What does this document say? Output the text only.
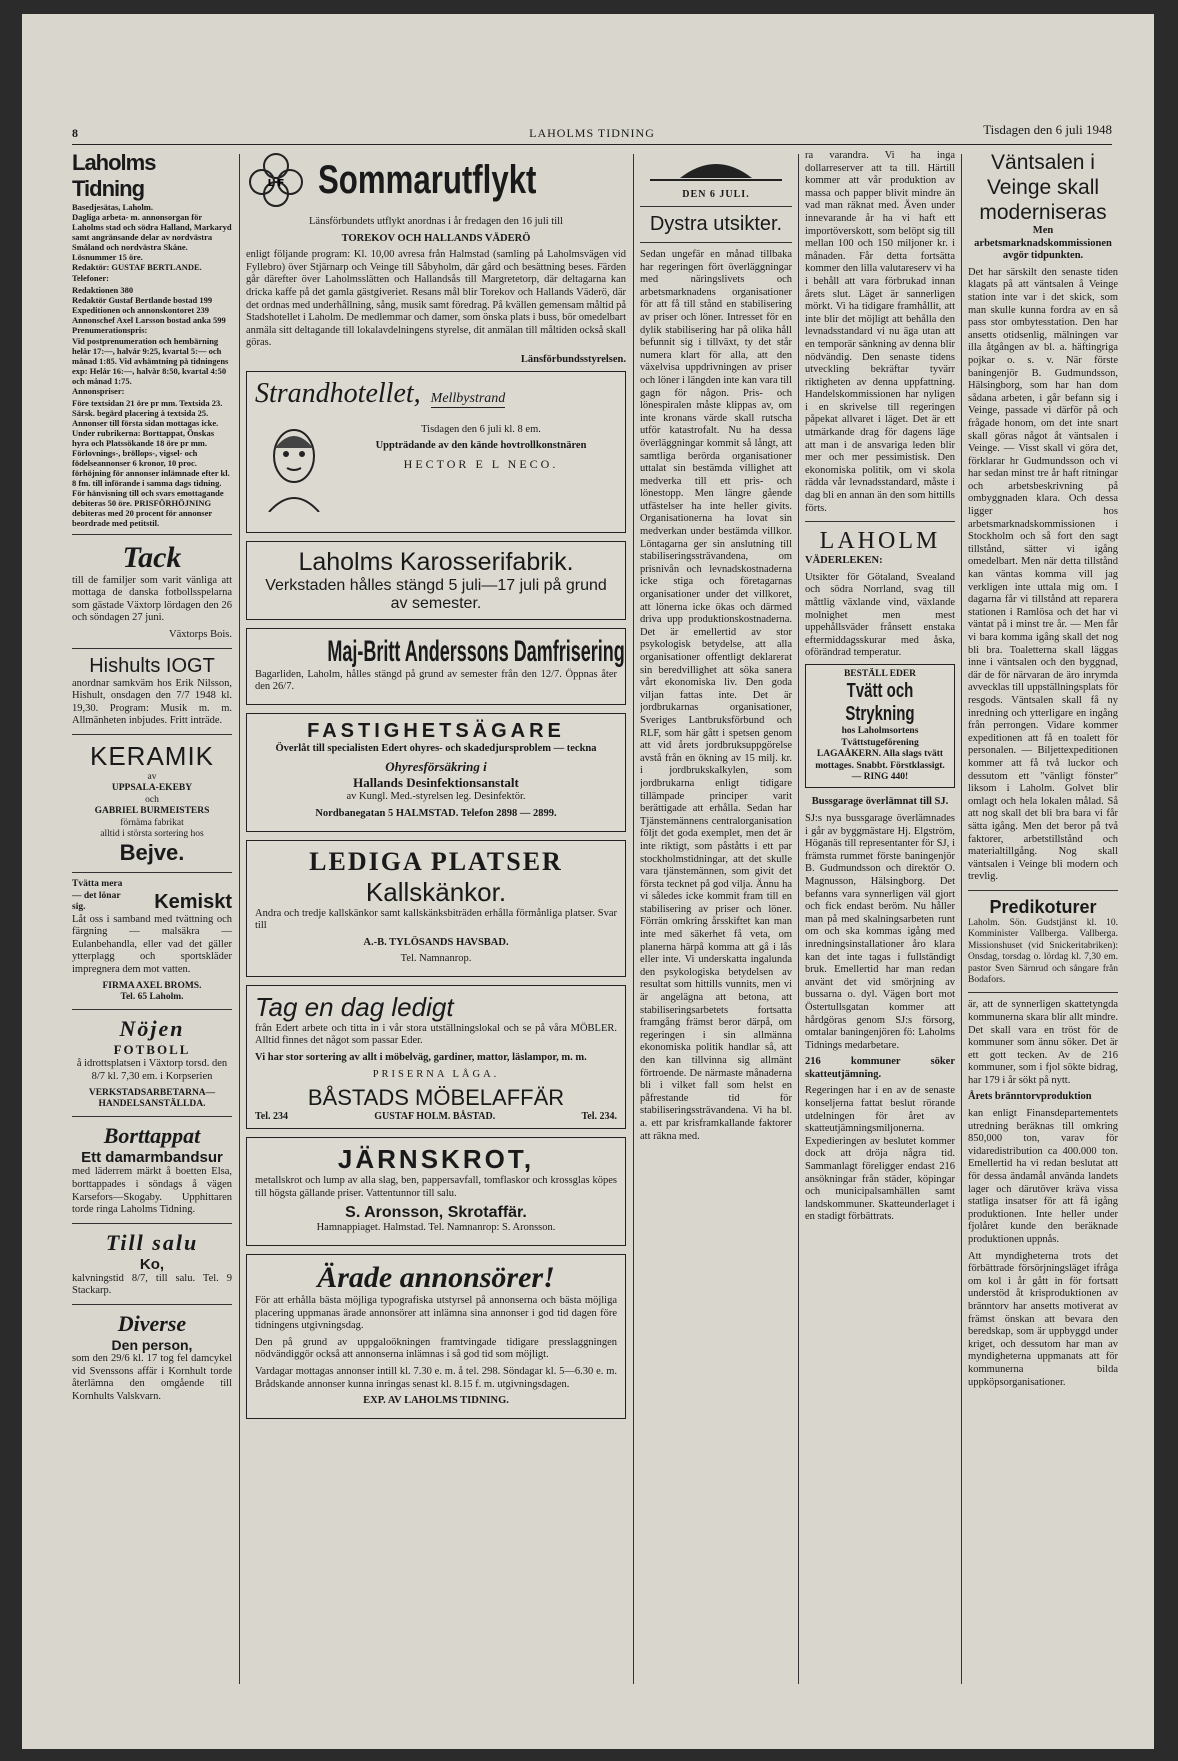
8	LAHOLMS TIDNING	Tisdagen den 6 juli 1948
Laholms Tidning
Basedjesätas, Laholm.
Dagliga arbeta- m. annonsorgan för Laholms stad och södra Halland, Markaryd samt angränsande delar av nordvästra Småland och nordvästra Skåne.
Lösnummer 15 öre.
Redaktör: GUSTAF BERTLANDE.
Telefoner:
Redaktionen 380
Redaktör Gustaf Bertlande bostad 199
Expeditionen och annonskontoret 239
Annonschef Axel Larsson bostad anka 599
Prenumerationspris:
Vid postprenumeration och hembärning helår 17:—, halvår 9:25, kvartal 5:— och månad 1:85. Vid avhämtning på tidningens exp: Helår 16:—, halvår 8:50, kvartal 4:50 och månad 1:75.
Annonspriser:
Före textsidan 21 öre pr mm. Textsida 23. Särsk. begärd placering å textsida 25. Annonser till första sidan mottagas icke. Under rubrikerna: Borttappat, Önskas hyra och Platssökande 18 öre pr mm. Förlovnings-, bröllops-, vigsel- och födelseannonser 6 kronor, 10 proc. förhöjning för annonser inlämnade efter kl. 8 fm. till införande i samma dags tidning. För hänvisning till och svars emottagande debiteras 50 öre. PRISFÖRHÖJNING debiteras med 20 procent för annonser beordrade med petitstil.
Tack
till de familjer som varit vänliga att mottaga de danska fotbollsspelarna som gästade Växtorp lördagen den 26 och söndagen 27 juni.
Växtorps Bois.
Hishults IOGT
anordnar samkväm hos Erik Nilsson, Hishult, onsdagen den 7/7 1948 kl. 19,30. Program: Musik m. m. Allmänheten inbjudes. Fritt inträde.
KERAMIK
av
UPPSALA-EKEBY
och
GABRIEL BURMEISTERS
förnäma fabrikat
alltid i största sortering hos
Bejve.
Tvätta mera — det lönar sig.	Kemiskt
Låt oss i samband med tvättning och färgning — malsäkra — Eulanbehandla, eller vad det gäller ytterplagg och sportskläder impregnera dem mot vatten.
FIRMA AXEL BROMS.
Tel. 65 Laholm.
Nöjen
FOTBOLL
å idrottsplatsen i Växtorp torsd. den 8/7 kl. 7,30 em. i Korpserien
VERKSTADSARBETARNA— HANDELSANSTÄLLDA.
Borttappat
Ett damarmbandsur
med läderrem märkt å boetten Elsa, borttappades i söndags å vägen Karsefors—Skogaby. Upphittaren torde ringa Laholms Tidning.
Till salu
Ko,
kalvningstid 8/7, till salu. Tel. 9 Stackarp.
Diverse
Den person,
som den 29/6 kl. 17 tog fel damcykel vid Svenssons affär i Kornhult torde återlämna den omgående till Kornhults Valskvarn.
L F Sommarutflykt
Länsförbundets utflykt anordnas i år fredagen den 16 juli till
TOREKOV OCH HALLANDS VÄDERÖ
enligt följande program: Kl. 10,00 avresa från Halmstad (samling på Laholmsvägen vid Fyllebro) över Stjärnarp och Veinge till Såbyholm, där gård och besättning beses. Färden går därefter över Laholmsslätten och Hallandsås till Margretetorp, där deltagarna kan dricka kaffe på det gamla gästgiveriet. Resans mål blir Torekov och Hallands Väderö, där det ordnas med underhållning, sång, musik samt föredrag. På kvällen gemensam måltid på Stadshotellet i Laholm. De medlemmar och damer, som önska plats i buss, bör omedelbart anmäla sitt deltagande till lokalavdelningens styrelse, dit anmälan till måltiden också skall göras.
Länsförbundsstyrelsen.
Strandhotellet, Mellbystrand
Tisdagen den 6 juli kl. 8 em.
Uppträdande av den kände hovtrollkonstnären
HECTOR E L NECO.
Laholms Karosserifabrik.
Verkstaden hålles stängd 5 juli—17 juli på grund av semester.
Maj-Britt Anderssons Damfrisering
Bagarliden, Laholm, hålles stängd på grund av semester från den 12/7. Öppnas åter den 26/7.
FASTIGHETSÄGARE
Överlåt till specialisten Edert ohyres- och skadedjursproblem — tecknа
Ohyresförsäkring i
Hallands Desinfektionsanstalt
av Kungl. Med.-styrelsen leg. Desinfektör.
Nordbanegatan 5 HALMSTAD. Telefon 2898 — 2899.
LEDIGA PLATSER
Kallskänkor.
Andra och tredje kallskänkor samt kallskänksbiträden erhålla förmånliga platser. Svar till
A.-B. TYLÖSANDS HAVSBAD.
Tel. Namnanrop.
Tag en dag ledigt
från Edert arbete och titta in i vår stora utställningslokal och se på våra MÖBLER. Alltid finnes det något som passar Eder.
Vi har stor sortering av allt i möbelväg, gardiner, mattor, läslampor, m. m.
PRISERNA LÅGA.
BÅSTADS MÖBELAFFÄR
Tel. 234	GUSTAF HOLM. BÅSTAD.	Tel. 234.
JÄRNSKROT,
metallskrot och lump av alla slag, ben, pappersavfall, tomflaskor och krossglas köpes till högsta gällande priser. Vattentunnor till salu.
S. Aronsson, Skrotaffär.
Hamnappiaget. Halmstad. Tel. Namnanrop: S. Aronsson.
Ärade annonsörer!
För att erhålla bästa möjliga typografiska utstyrsel på annonserna och bästa möjliga placering uppmanas ärade annonsörer att inlämna sina annonser i god tid dagen före tidningens utgivningsdag.
Den på grund av uppgaloökningen framtvingade tidigare presslaggningen nödvändiggör också att annonserna inlämnas i så god tid som möjligt.
Vardagar mottagas annonser intill kl. 7.30 e. m. å tel. 298. Söndagar kl. 5—6.30 e. m. Brådskande annonser kunna inringas senast kl. 8.15 f. m. utgivningsdagen.
EXP. AV LAHOLMS TIDNING.
DEN 6 JULI.
Dystra utsikter.
Sedan ungefär en månad tillbaka har regeringen fört överläggningar med näringslivets och arbetsmarknadens organisationer för att få till stånd en stabilisering av priser och löner. Intresset för en dylik stabilisering har på olika håll befunnit sig i tillväxt, ty det står numera klart för alla, att den växelvisa uppdrivningen av priser och löner i längden inte kan vara till gagn för någon. Pris- och lönespiralen måste klippas av, om inte kronans värde skall rutscha utför katastrofalt. Nu ha dessa överläggningar kommit så långt, att samtliga berörda organisationer uttalat sin bestämda villighet att medverka till ett pris- och lönestopp. Men längre gående utfästelser ha inte heller givits. Organisationerna ha lovat sin medverkan under bestämda villkor. Löntagarna ger sin anslutning till stabiliseringssträvandena, om prisnivån och levnadskostnaderna icke stiga och företagarnas organisationer under det villkoret, att lönerna icke ökas och därmed driva upp produktionskostnaderna. Det är emellertid av stor psykologisk betydelse, att alla organisationer offentligt deklarerat sin beredvillighet att söka sanera vårt ekonomiska liv. Den goda viljan fattas inte. Det är jordbrukarnas organisationer, Sveriges Lantbruksförbund och RLF, som här gått i spetsen genom att vid årets jordbruksuppgörelse avstå från en ökning av 15 milj. kr. i jordbrukskalkylen, som jordbrukarna enligt tidigare tillämpade principer varit berättigade att erhålla. Sedan har Tjänstemännens centralorganisation följt det goda exemplet, men det är inte riktigt, som påståtts i ett par stockholmstidningar, att det skulle vara tjänstemännen, som givit det första tecknet på god vilja. Ännu ha vi således icke kommit fram till en stabilisering av priser och löner. Förrän omkring årsskiftet kan man inte med säkerhet få veta, om planerna härpå komma att gå i lås eller inte. Vi underskatta ingalunda den psykologiska betydelsen av resultat som hittills vunnits, men vi är angelägna att betona, att stabiliseringsarbetets fortsatta framgång främst beror därpå, om regeringen i sin allmänna ekonomiska politik handlar så, att den kan tillvinna sig allmänt förtroende. De närmaste månaderna bli i vilket fall som helst en påfrestande tid för stabiliseringssträvandena. Vi ha bl. a. ett par krisframkallande faktorer att räkna med.
ra varandra. Vi ha inga dollarreserver att ta till. Härtill kommer att vår produktion av massa och papper blivit mindre än vad man räknat med. Även under innevarande år ha vi haft ett importöverskott, som belöpt sig till mellan 100 och 150 miljoner kr. i månaden. Får detta fortsätta kommer den lilla valutareserv vi ha i behåll att vara förbrukad innan årets slut. Läget är sannerligen mörkt. Vi ha tidigare framhållit, att inte blir det möjligt att behålla den levnadsstandard vi nu äga utan att en temporär sänkning av denna blir nödvändig. Den senaste tidens utveckling bekräftar tyvärr riktigheten av denna uppfattning. Handelskommissionen har nyligen i en skrivelse till regeringen påpekat allvaret i läget. Det är ett utmärkande drag för dagens läge att man i de ansvariga leden blir mer och mer pessimistisk. Den ekonomiska politik, om vi skola rädda vår levnadsstandard, måste i dag bli en annan än den som hittills förts.
LAHOLM
VÄDERLEKEN:
Utsikter för Götaland, Svealand och södra Norrland, svag till måttlig växlande vind, växlande molnighet men mest uppehållsväder frånsett enstaka eftermiddagsskurar med åska, oförändrad temperatur.
BESTÄLL EDER
Tvätt och Strykning
hos Laholmsortens Tvättstugeförening LAGAÅKERN. Alla slags tvätt mottages. Snabbt. Förstklassigt. — RING 440!
Bussgarage överlämnat till SJ.
SJ:s nya bussgarage överlämnades i går av byggmästare Hj. Elgström, Höganäs till representanter för SJ, i främsta rummet förste baningenjör B. Gudmundsson och direktör O. Magnusson, Hälsingborg. Det befanns vara synnerligen väl gjort och fick endast beröm. Nu håller man på med skalningsarbeten runt om och ska kommas igång med inredningsinstallationer åro klara kan det inte tagas i fullständigt bruk. Emellertid har man redan använt det vid smörjning av bussarna o. dyl. Vägen bort mot Östertullsgatan kommer att hårdgöras genom SJ:s försorg, omtalar baningenjören fö: Laholms Tidnings medarbetare.
216 kommuner söker skatteutjämning.
Regeringen har i en av de senaste konseljerna fattat beslut rörande utdelningen för året av skatteutjämningsmiljonerna. Expedieringen av beslutet kommer dock att dröja några tid. Sammanlagt föreligger endast 216 ansökningar från städer, köpingar och municipalsamhällen samt landskommuner. Skatteunderlaget i en stadigt förbättrats.
Väntsalen i Veinge skall moderniseras
Men arbetsmarknadskommissionen avgör tidpunkten.
Det har särskilt den senaste tiden klagats på att väntsalen å Veinge station inte var i det skick, som man skulle kunna fordra av en så pass stor ombytesstation. Den har ansetts otidsenlig, mälningen var illa åtgången av bl. a. häftingriga pojkar o. s. v. När förste baningenjör B. Gudmundsson, Hälsingborg, som har han dom sådana arbeten, i går befann sig i Veinge, passade vi därför på och frågade honom, om det inte snart skall göras något åt väntsalen i Veinge. — Visst skall vi göra det, förklarar hr Gudmundsson och vi har sedan minst tre år haft ritningar och arbetsbeskrivning på ombyggnaden klara. Och dessa ligger hos arbetsmarknadskommissionen i Stockholm och så fort den sagt tillstånd, sätter vi igång omedelbart. Men när detta tillstånd kan väntas komma vill jag verkligen inte uttala mig om. I dagarna får vi tillstånd att reparera stationen i Ramlösa och det har vi väntat på i minst tre år. — Men får vi bara komma igång skall det nog bli bra. Toaletterna skall läggas inne i väntsalen och den byggnad, där de för närvaran de äro inrymda avvecklas till uppställningsplats för resgods. Väntsalen skall få ny inredning och ytterligare en ingång från perrongen. Vidare kommer expeditionen att få en toalett för personalen. — Biljettexpeditionen kommer att få två luckor och dessutom ett "vänligt fönster" liksom i Laholm. Golvet blir omlagt och hela lokalen målad. Så att nog skall det bli bra bara vi får sätta igång. Men det beror på två faktorer, arbetstillstånd och materialtillgång. Nog skall väntsalen i Veinge bli modern och trevlig.
Predikoturer
Laholm. Sön. Gudstjänst kl. 10. Komminister Vallberga. Vallberga. Missionshuset (vid Snickeritabriken): Onsdag, torsdag o. lördag kl. 7,30 em. pastor Sven Särnrud och sångare från Bodafors.
är, att de synnerligen skattetyngda kommunerna skara blir allt mindre. Det skall vara en tröst för de kommuner som ännu söker. Det är ett gott tecken. Av de 216 kommuner, som i fjol sökte bidrag, har 179 i år sökt på nytt.
Årets bränntorvproduktion
kan enligt Finansdepartementets utredning beräknas till omkring 850,000 ton, varav för vidaredistribution ca 400.000 ton. Emellertid ha vi redan beslutat att för dessa ändamål använda landets lager och därutöver kräva vissa statliga insatser för att få igång produktionen. Inte heller under fjolåret kunde den beräknade produktionen uppnås.
Att myndigheterna trots det förbättrade försörjningsläget ifråga om kol i år gått in för fortsatt understöd åt krisproduktionen av bränntorv har ansetts motiverat av främst önskan att bevara den beredskap, som är uppbyggd under kriget, och dessutom har man av myndigheterna uppmanats att för kommunerna bilda uppköpsorganisationer.
